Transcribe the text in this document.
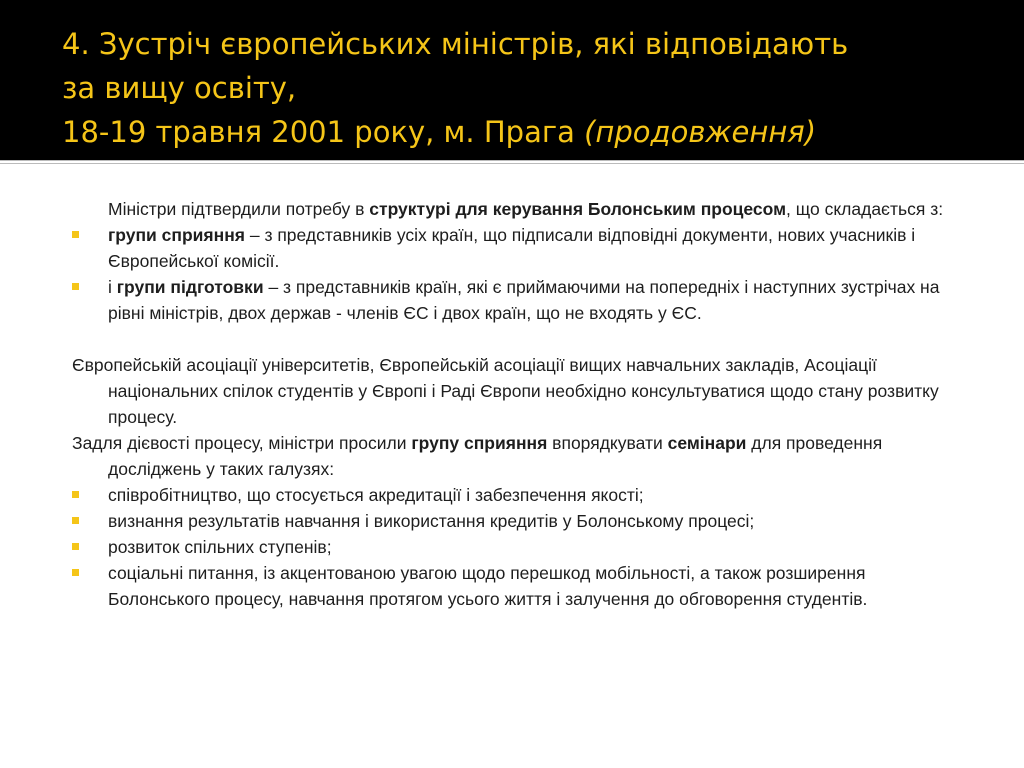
4. Зустріч європейських міністрів, які відповідають
за вищу освіту,
18-19 травня 2001 року, м. Прага (продовження)

Міністри підтвердили потребу в структурі для керування Болонським процесом, що складається з:

групи сприяння – з представників усіх країн, що підписали відповідні документи, нових учасників і Європейської комісії.

і групи підготовки – з представників країн, які є приймаючими на попередніх і наступних зустрічах на рівні міністрів, двох держав - членів ЄС і двох країн, що не входять у ЄС.

Європейській асоціації університетів, Європейській асоціації вищих навчальних закладів, Асоціації національних спілок студентів у Європі і Раді Європи необхідно консультуватися щодо стану розвитку процесу.

Задля дієвості процесу, міністри просили групу сприяння впорядкувати семінари для проведення досліджень у таких галузях:

співробітництво, що стосується акредитації і забезпечення якості;

визнання результатів навчання і використання кредитів у Болонському процесі;

розвиток спільних ступенів;

соціальні питання, із акцентованою увагою щодо перешкод мобільності, а також розширення Болонського процесу, навчання протягом усього життя і залучення до обговорення студентів.
